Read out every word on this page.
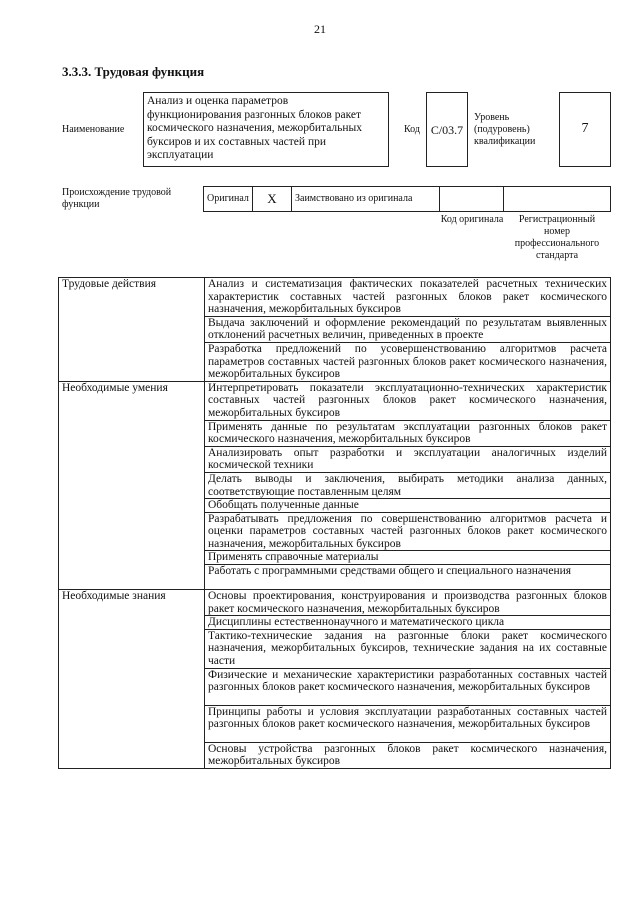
21
3.3.3. Трудовая функция
Наименование
Анализ и оценка параметров функционирования разгонных блоков ракет космического назначения, межорбитальных буксиров и их составных частей при эксплуатации
Код C/03.7
Уровень (подуровень) квалификации
7
Происхождение трудовой функции
Оригинал	X	Заимствовано из оригинала
Код оригинала	Регистрационный номер профессионального стандарта
Трудовые действия	Анализ и систематизация фактических показателей расчетных технических характеристик составных частей разгонных блоков ракет космического назначения, межорбитальных буксиров
	Выдача заключений и оформление рекомендаций по результатам выявленных отклонений расчетных величин, приведенных в проекте
	Разработка предложений по усовершенствованию алгоритмов расчета параметров составных частей разгонных блоков ракет космического назначения, межорбитальных буксиров
Необходимые умения	Интерпретировать показатели эксплуатационно-технических характеристик составных частей разгонных блоков ракет космического назначения, межорбитальных буксиров
	Применять данные по результатам эксплуатации разгонных блоков ракет космического назначения, межорбитальных буксиров
	Анализировать опыт разработки и эксплуатации аналогичных изделий космической техники
	Делать выводы и заключения, выбирать методики анализа данных, соответствующие поставленным целям
	Обобщать полученные данные
	Разрабатывать предложения по совершенствованию алгоритмов расчета и оценки параметров составных частей разгонных блоков ракет космического назначения, межорбитальных буксиров
	Применять справочные материалы
	Работать с программными средствами общего и специального назначения
Необходимые знания	Основы проектирования, конструирования и производства разгонных блоков ракет космического назначения, межорбитальных буксиров
	Дисциплины естественнонаучного и математического цикла
	Тактико-технические задания на разгонные блоки ракет космического назначения, межорбитальных буксиров, технические задания на их составные части
	Физические и механические характеристики разработанных составных частей разгонных блоков ракет космического назначения, межорбитальных буксиров
	Принципы работы и условия эксплуатации разработанных составных частей разгонных блоков ракет космического назначения, межорбитальных буксиров
	Основы устройства разгонных блоков ракет космического назначения, межорбитальных буксиров
